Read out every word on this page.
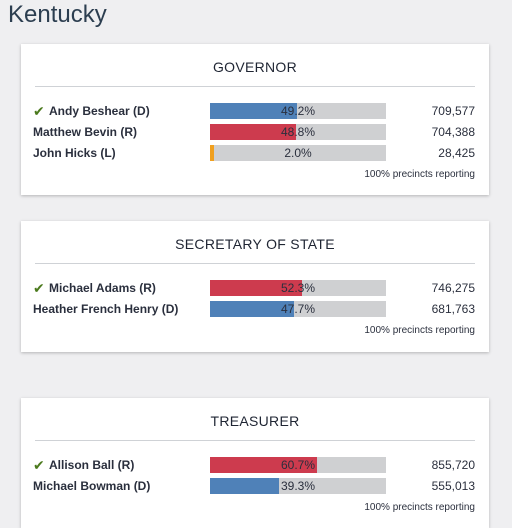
Kentucky
GOVERNOR
✔ Andy Beshear (D)	49.2%	709,577
Matthew Bevin (R)	48.8%	704,388
John Hicks (L)	2.0%	28,425
100% precincts reporting
SECRETARY OF STATE
✔ Michael Adams (R)	52.3%	746,275
Heather French Henry (D)	47.7%	681,763
100% precincts reporting
TREASURER
✔ Allison Ball (R)	60.7%	855,720
Michael Bowman (D)	39.3%	555,013
100% precincts reporting
